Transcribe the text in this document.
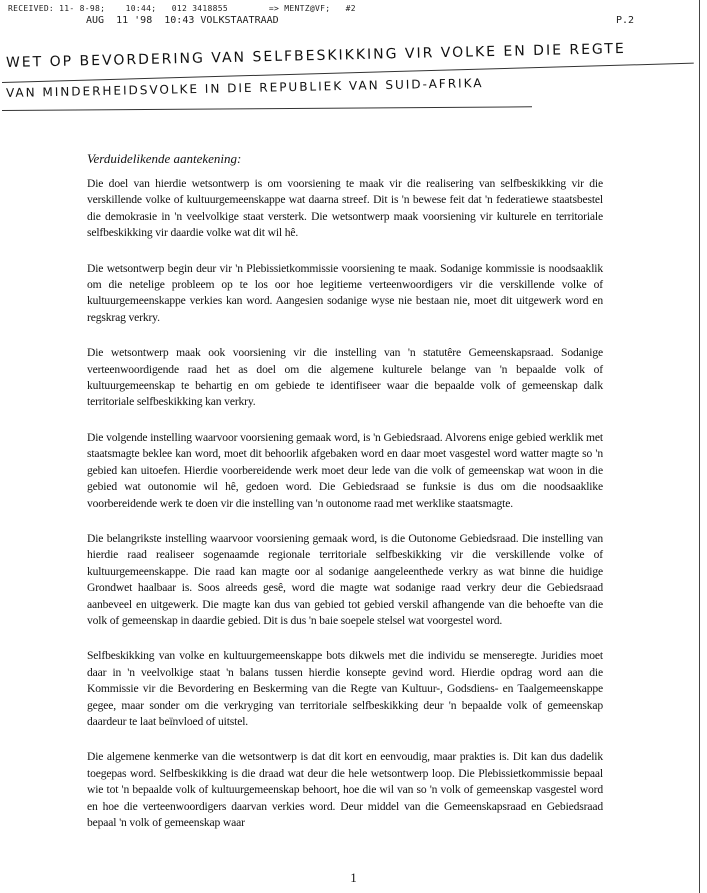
RECEIVED: 11- 8-98;    10:44;   012 3418855        => MENTZ@VF;   #2
AUG  11 '98  10:43 VOLKSTAATRAAD	P.2
WET OP BEVORDERING VAN SELFBESKIKKING VIR VOLKE EN DIE REGTE
VAN MINDERHEIDSVOLKE IN DIE REPUBLIEK VAN SUID-AFRIKA
Verduidelikende aantekening:

Die doel van hierdie wetsontwerp is om voorsiening te maak vir die realisering van selfbeskikking vir die verskillende volke of kultuurgemeenskappe wat daarna streef. Dit is 'n bewese feit dat 'n federatiewe staatsbestel die demokrasie in 'n veelvolkige staat versterk. Die wetsontwerp maak voorsiening vir kulturele en territoriale selfbeskikking vir daardie volke wat dit wil hê.

Die wetsontwerp begin deur vir 'n Plebissietkommissie voorsiening te maak. Sodanige kommissie is noodsaaklik om die netelige probleem op te los oor hoe legitieme verteenwoordigers vir die verskillende volke of kultuurgemeenskappe verkies kan word. Aangesien sodanige wyse nie bestaan nie, moet dit uitgewerk word en regskrag verkry.

Die wetsontwerp maak ook voorsiening vir die instelling van 'n statutêre Gemeenskapsraad. Sodanige verteenwoordigende raad het as doel om die algemene kulturele belange van 'n bepaalde volk of kultuurgemeenskap te behartig en om gebiede te identifiseer waar die bepaalde volk of gemeenskap dalk territoriale selfbeskikking kan verkry.

Die volgende instelling waarvoor voorsiening gemaak word, is 'n Gebiedsraad. Alvorens enige gebied werklik met staatsmagte beklee kan word, moet dit behoorlik afgebaken word en daar moet vasgestel word watter magte so 'n gebied kan uitoefen. Hierdie voorbereidende werk moet deur lede van die volk of gemeenskap wat woon in die gebied wat outonomie wil hê, gedoen word. Die Gebiedsraad se funksie is dus om die noodsaaklike voorbereidende werk te doen vir die instelling van 'n outonome raad met werklike staatsmagte.

Die belangrikste instelling waarvoor voorsiening gemaak word, is die Outonome Gebiedsraad. Die instelling van hierdie raad realiseer sogenaamde regionale territoriale selfbeskikking vir die verskillende volke of kultuurgemeenskappe. Die raad kan magte oor al sodanige aangeleenthede verkry as wat binne die huidige Grondwet haalbaar is. Soos alreeds gesê, word die magte wat sodanige raad verkry deur die Gebiedsraad aanbeveel en uitgewerk. Die magte kan dus van gebied tot gebied verskil afhangende van die behoefte van die volk of gemeenskap in daardie gebied. Dit is dus 'n baie soepele stelsel wat voorgestel word.

Selfbeskikking van volke en kultuurgemeenskappe bots dikwels met die individu se menseregte. Juridies moet daar in 'n veelvolkige staat 'n balans tussen hierdie konsepte gevind word. Hierdie opdrag word aan die Kommissie vir die Bevordering en Beskerming van die Regte van Kultuur-, Godsdiens- en Taalgemeenskappe gegee, maar sonder om die verkryging van territoriale selfbeskikking deur 'n bepaalde volk of gemeenskap daardeur te laat beïnvloed of uitstel.

Die algemene kenmerke van die wetsontwerp is dat dit kort en eenvoudig, maar prakties is. Dit kan dus dadelik toegepas word. Selfbeskikking is die draad wat deur die hele wetsontwerp loop. Die Plebissietkommissie bepaal wie tot 'n bepaalde volk of kultuurgemeenskap behoort, hoe die wil van so 'n volk of gemeenskap vasgestel word en hoe die verteenwoordigers daarvan verkies word. Deur middel van die Gemeenskapsraad en Gebiedsraad bepaal 'n volk of gemeenskap waar

1
